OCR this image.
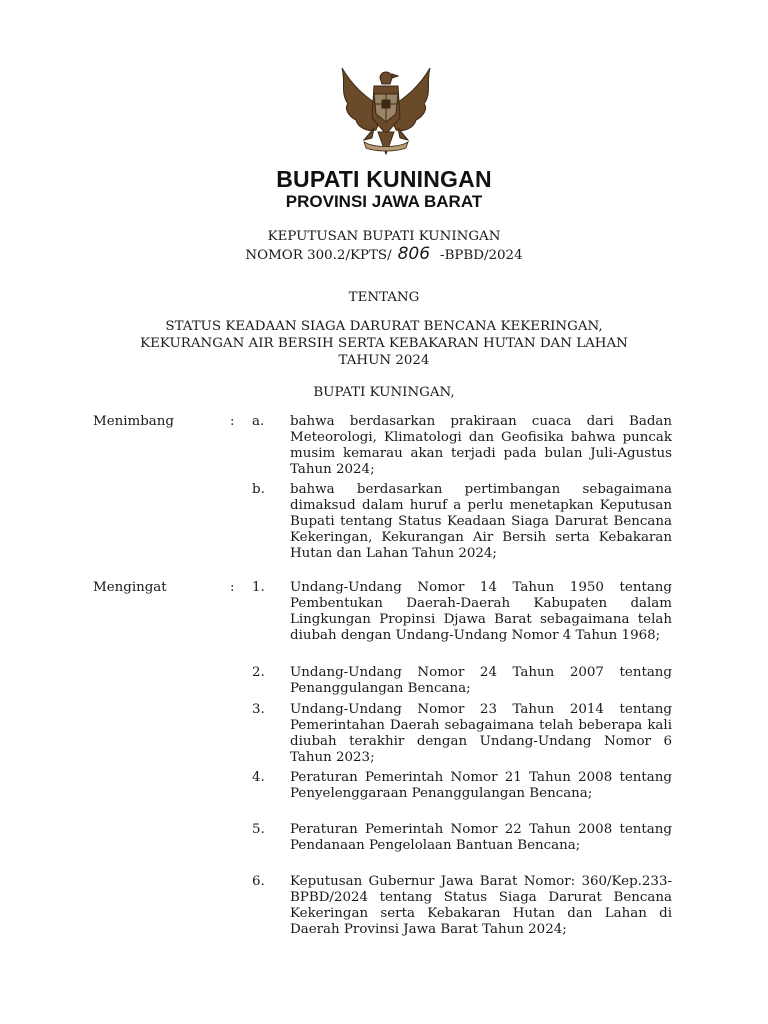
BUPATI KUNINGAN
PROVINSI JAWA BARAT
KEPUTUSAN BUPATI KUNINGAN
NOMOR 300.2/KPTS/ 806 -BPBD/2024
TENTANG
STATUS KEADAAN SIAGA DARURAT BENCANA KEKERINGAN,
KEKURANGAN AIR BERSIH SERTA KEBAKARAN HUTAN DAN LAHAN
TAHUN 2024
BUPATI KUNINGAN,
Menimbang	: a. bahwa berdasarkan prakiraan cuaca dari Badan Meteorologi, Klimatologi dan Geofisika bahwa puncak musim kemarau akan terjadi pada bulan Juli-Agustus Tahun 2024;
b. bahwa berdasarkan pertimbangan sebagaimana dimaksud dalam huruf a perlu menetapkan Keputusan Bupati tentang Status Keadaan Siaga Darurat Bencana Kekeringan, Kekurangan Air Bersih serta Kebakaran Hutan dan Lahan Tahun 2024;
Mengingat	: 1. Undang-Undang Nomor 14 Tahun 1950 tentang Pembentukan Daerah-Daerah Kabupaten dalam Lingkungan Propinsi Djawa Barat sebagaimana telah diubah dengan Undang-Undang Nomor 4 Tahun 1968;
2. Undang-Undang Nomor 24 Tahun 2007 tentang Penanggulangan Bencana;
3. Undang-Undang Nomor 23 Tahun 2014 tentang Pemerintahan Daerah sebagaimana telah beberapa kali diubah terakhir dengan Undang-Undang Nomor 6 Tahun 2023;
4. Peraturan Pemerintah Nomor 21 Tahun 2008 tentang Penyelenggaraan Penanggulangan Bencana;
5. Peraturan Pemerintah Nomor 22 Tahun 2008 tentang Pendanaan Pengelolaan Bantuan Bencana;
6. Keputusan Gubernur Jawa Barat Nomor: 360/Kep.233-BPBD/2024 tentang Status Siaga Darurat Bencana Kekeringan serta Kebakaran Hutan dan Lahan di Daerah Provinsi Jawa Barat Tahun 2024;
